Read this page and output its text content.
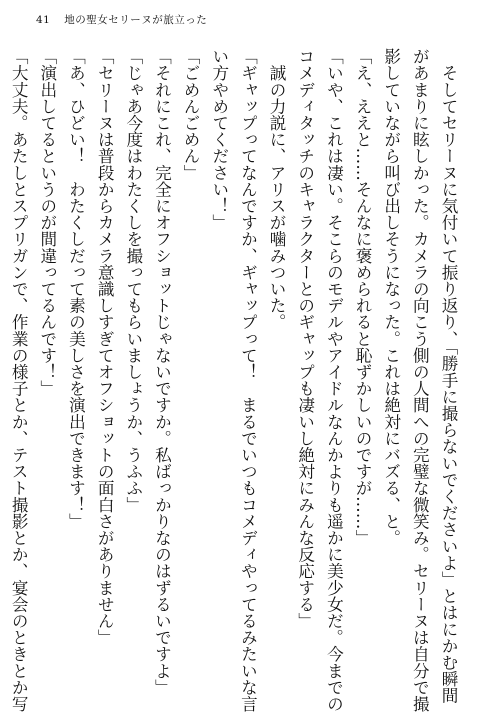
41 地の聖女セリーヌが旅立った
　そしてセリーヌに気付いて振り返り、「勝手に撮らないでくださいよ」とはにかむ瞬間
があまりに眩しかった。カメラの向こう側の人間への完璧な微笑み。セリーヌは自分で撮
影していながら叫び出しそうになった。これは絶対にバズる、と。
「え、ええと……そんなに褒められると恥ずかしいのですが……」
「いや、これは凄い。そこらのモデルやアイドルなんかよりも遥かに美少女だ。今までの
コメディタッチのキャラクターとのギャップも凄いし絶対にみんな反応する」
　誠の力説に、アリスが噛みついた。
「ギャップってなんですか、ギャップって！　まるでいつもコメディやってるみたいな言
い方やめてください！」
「ごめんごめん」
「それにこれ、完全にオフショットじゃないですか。私ばっかりなのはずるいですよ」
「じゃあ今度はわたくしを撮ってもらいましょうか、うふふ」
「セリーヌは普段からカメラ意識しすぎてオフショットの面白さがありません」
「あ、ひどい！　わたくしだって素の美しさを演出できます！」
「演出してるというのが間違ってるんです！」
「大丈夫。あたしとスプリガンで、作業の様子とか、テスト撮影とか、宴会のときとか写
